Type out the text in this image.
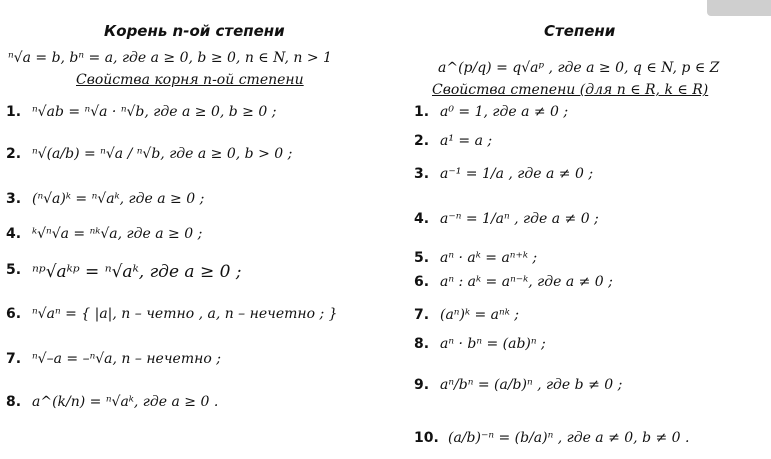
Корень n-ой степени
ⁿ√a = b, bⁿ = a, где a ≥ 0, b ≥ 0, n ∈ N, n > 1
Свойства корня n-ой степени
1. ⁿ√ab = ⁿ√a · ⁿ√b, где a ≥ 0, b ≥ 0 ;
2. ⁿ√(a/b) = ⁿ√a / ⁿ√b, где a ≥ 0, b > 0 ;
3. (ⁿ√a)ᵏ = ⁿ√aᵏ, где a ≥ 0 ;
4. ᵏ√ⁿ√a = ⁿᵏ√a, где a ≥ 0 ;
5. ⁿᵖ√aᵏᵖ = ⁿ√aᵏ, где a ≥ 0 ;
6. ⁿ√aⁿ = { |a|, n – четно , a, n – нечетно ; }
7. ⁿ√–a = –ⁿ√a, n – нечетно ;
8. a^(k/n) = ⁿ√aᵏ, где a ≥ 0 .
Степени
a^(p/q) = q√aᵖ , где a ≥ 0, q ∈ N, p ∈ Z
Свойства степени (для n ∈ R, k ∈ R)
1. a⁰ = 1, где a ≠ 0 ;
2. a¹ = a ;
3. a⁻¹ = 1/a , где a ≠ 0 ;
4. a⁻ⁿ = 1/aⁿ , где a ≠ 0 ;
5. aⁿ · aᵏ = aⁿ⁺ᵏ ;
6. aⁿ : aᵏ = aⁿ⁻ᵏ, где a ≠ 0 ;
7. (aⁿ)ᵏ = aⁿᵏ ;
8. aⁿ · bⁿ = (ab)ⁿ ;
9. aⁿ/bⁿ = (a/b)ⁿ , где b ≠ 0 ;
10. (a/b)⁻ⁿ = (b/a)ⁿ , где a ≠ 0, b ≠ 0 .
